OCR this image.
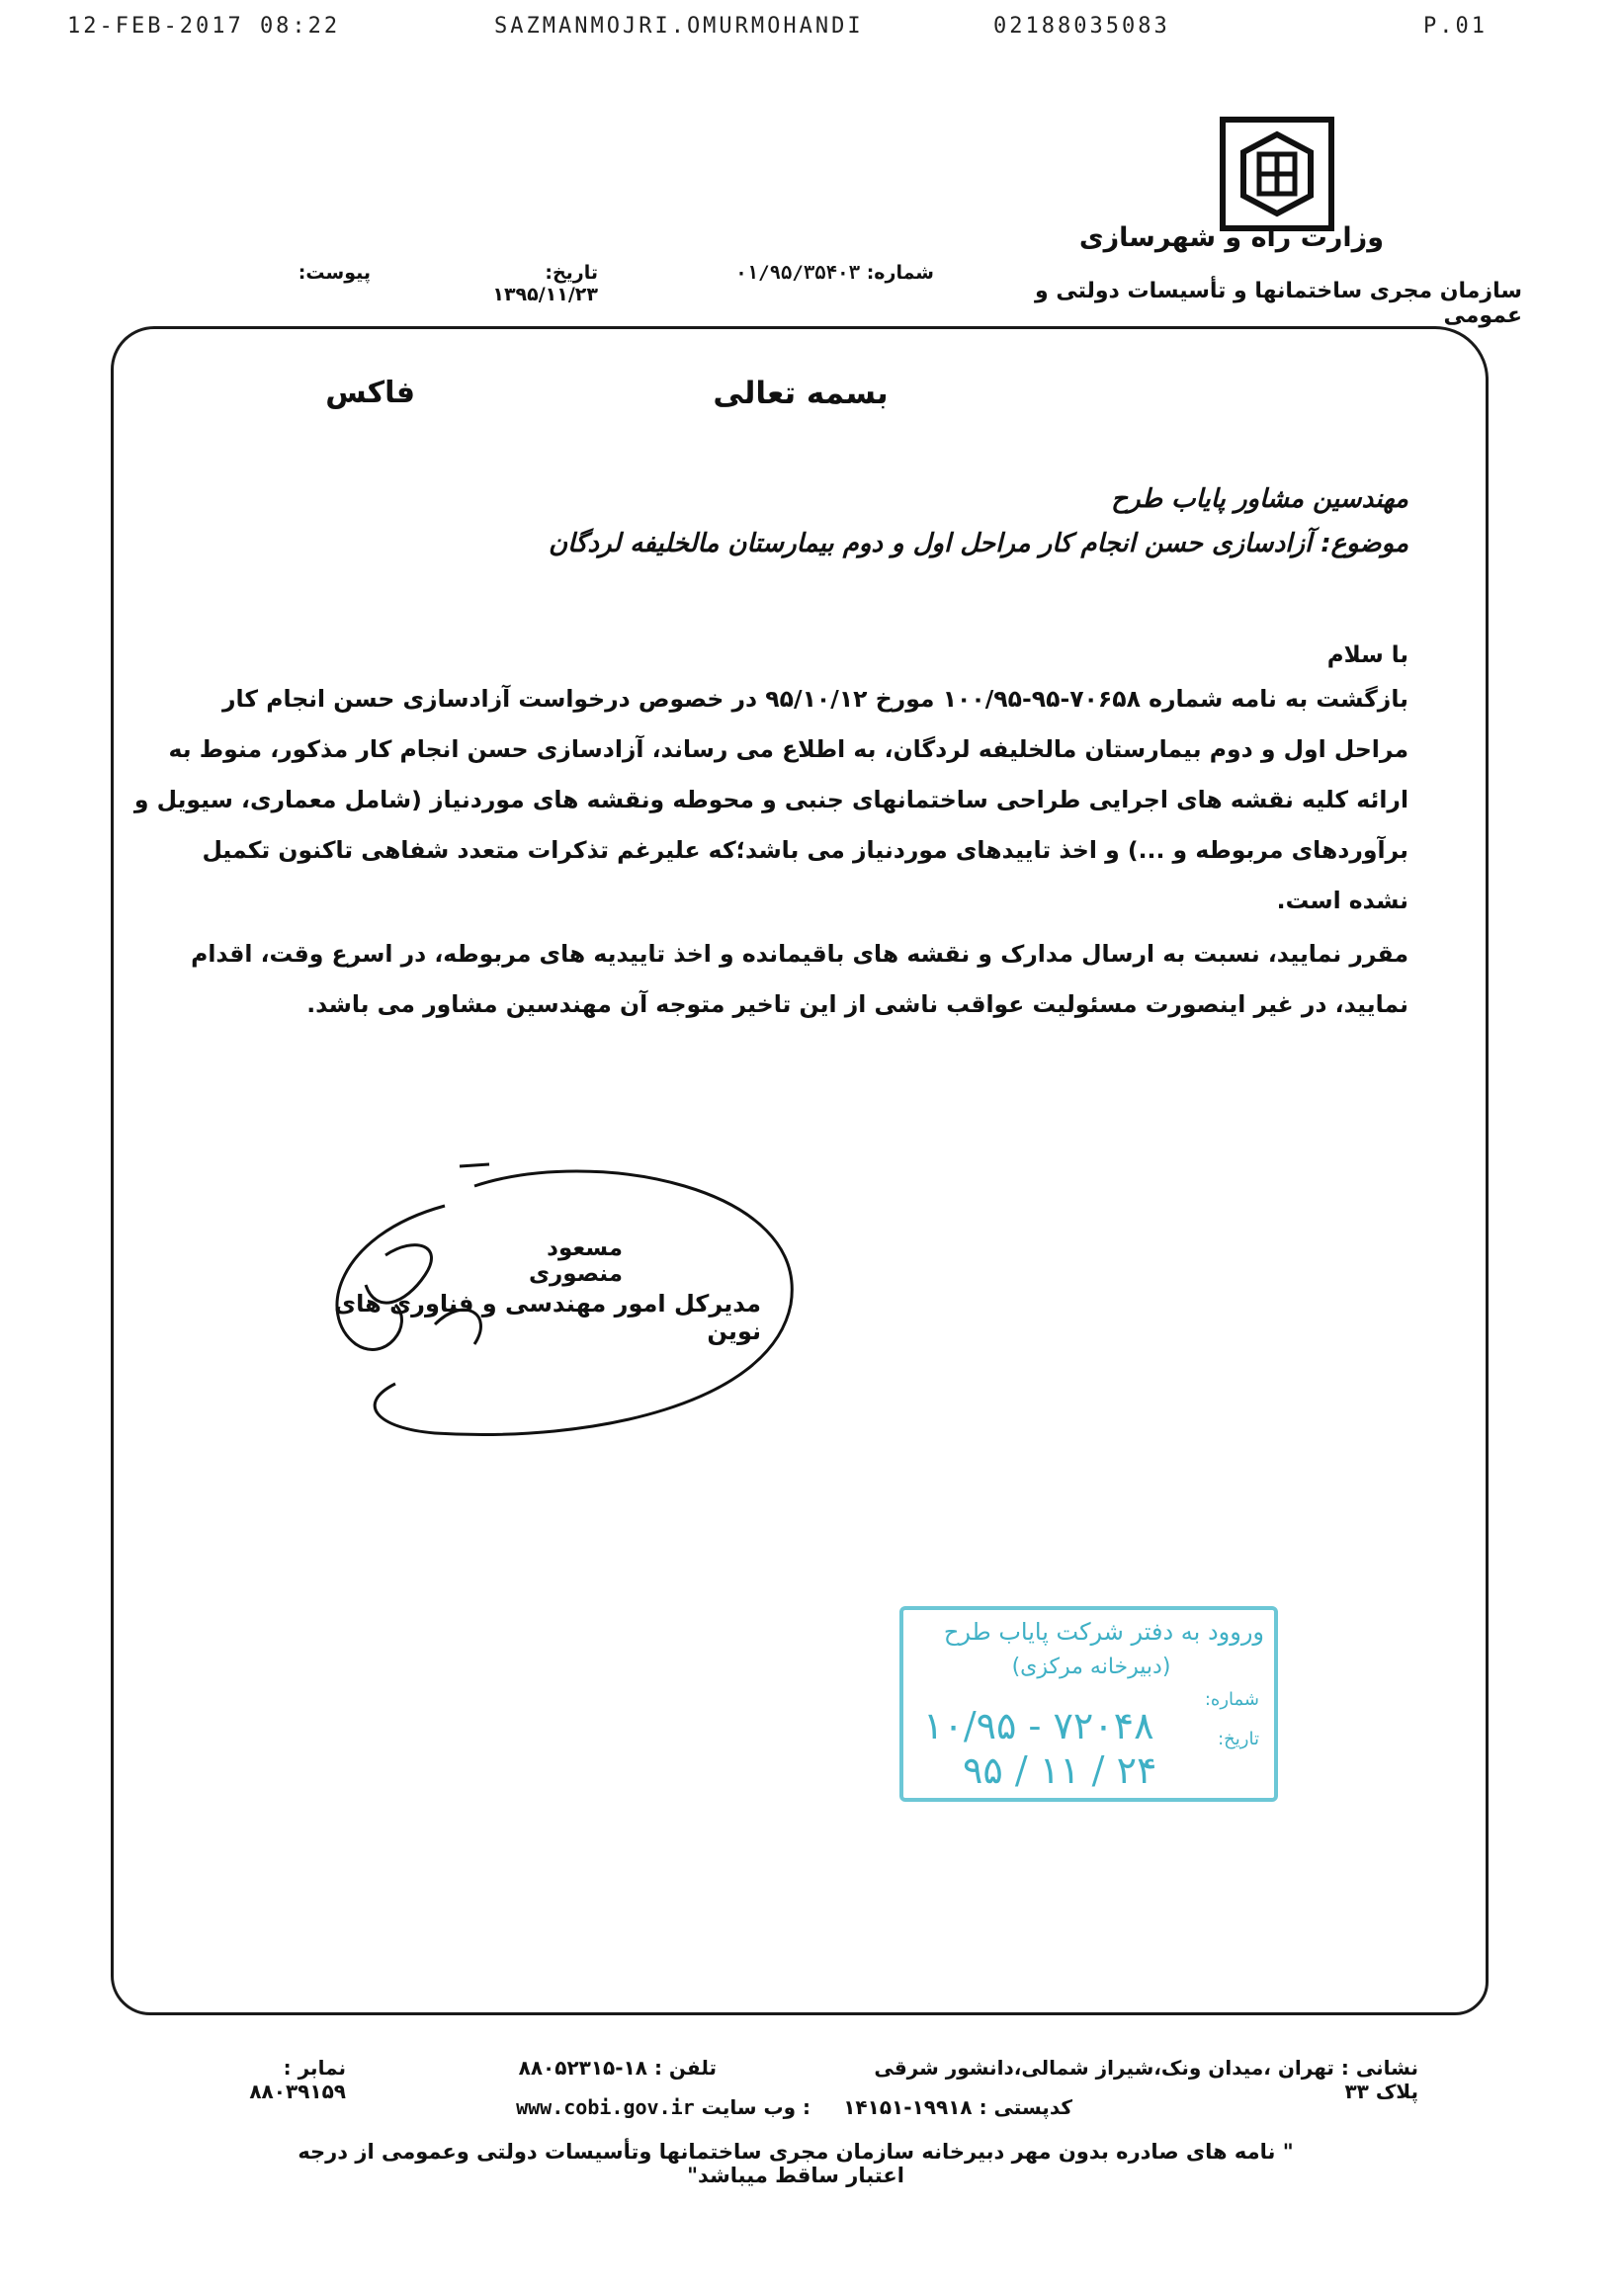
12-FEB-2017 08:22	SAZMANMOJRI.OMURMOHANDI	02188035083	P.01
وزارت راه و شهرسازی
سازمان مجری ساختمانها و تأسیسات دولتی و عمومی
شماره: ۰۱/۹۵/۳۵۴۰۳
تاریخ: ۱۳۹۵/۱۱/۲۳
پیوست:
فاکس	بسمه تعالی
مهندسین مشاور پایاب طرح
موضوع: آزادسازی حسن انجام کار مراحل اول و دوم بیمارستان مالخلیفه لردگان
با سلام
بازگشت به نامه شماره ۷۰۶۵۸-۹۵-۱۰۰/۹۵ مورخ ۹۵/۱۰/۱۲ در خصوص درخواست آزادسازی حسن انجام کار
مراحل اول و دوم بیمارستان مالخلیفه لردگان، به اطلاع می رساند، آزادسازی حسن انجام کار مذکور، منوط به
ارائه کلیه نقشه های اجرایی طراحی ساختمانهای جنبی و محوطه ونقشه های موردنیاز (شامل معماری، سیویل و
برآوردهای مربوطه و ...) و اخذ تاییدهای موردنیاز می باشد؛که علیرغم تذکرات متعدد شفاهی تاکنون تکمیل
نشده است.
مقرر نمایید، نسبت به ارسال مدارک و نقشه های باقیمانده و اخذ تاییدیه های مربوطه، در اسرع وقت، اقدام
نمایید، در غیر اینصورت مسئولیت عواقب ناشی از این تاخیر متوجه آن مهندسین مشاور می باشد.
مسعود منصوری
مدیرکل امور مهندسی و فناوری های نوین
وروود به دفتر شرکت پایاب طرح
(دبیرخانه مرکزی)
شماره:
تاریخ:
۱۰/۹۵ - ۷۲۰۴۸
۹۵ / ۱۱ / ۲۴
نشانی : تهران ،میدان ونک،شیراز شمالی،دانشور شرقی پلاک ۳۳
تلفن : ۱۸-۸۸۰۵۲۳۱۵
نمابر : ۸۸۰۳۹۱۵۹
کدپستی : ۱۹۹۱۸-۱۴۱۵۱
www.cobi.gov.ir وب سایت :
" نامه های صادره بدون مهر دبیرخانه سازمان مجری ساختمانها وتأسیسات دولتی وعمومی از درجه اعتبار ساقط میباشد"
